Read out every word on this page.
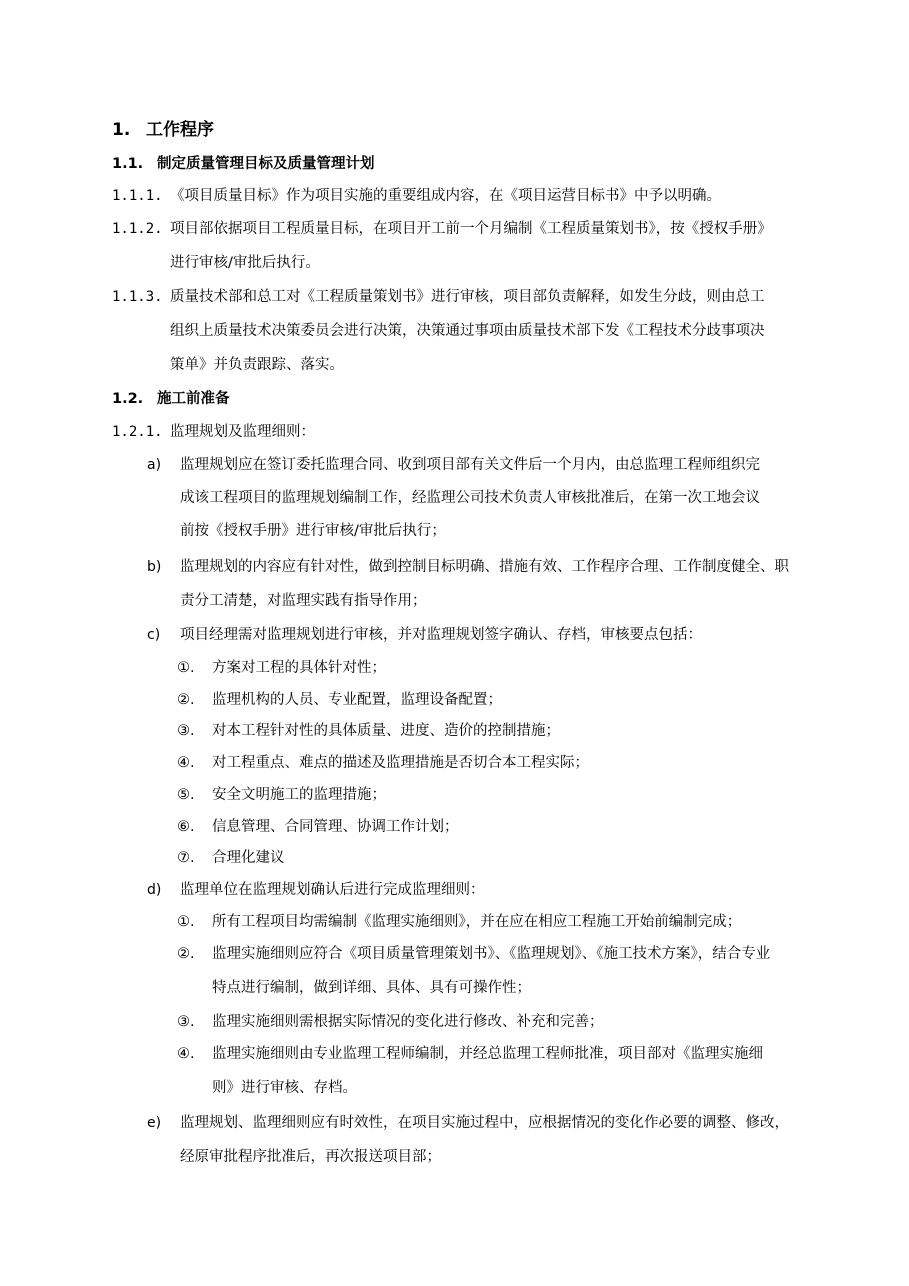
1. 工作程序
1.1. 制定质量管理目标及质量管理计划
1.1.1. 《项目质量目标》作为项目实施的重要组成内容，在《项目运营目标书》中予以明确。
1.1.2. 项目部依据项目工程质量目标，在项目开工前一个月编制《工程质量策划书》，按《授权手册》
进行审核/审批后执行。
1.1.3. 质量技术部和总工对《工程质量策划书》进行审核，项目部负责解释，如发生分歧，则由总工
组织上质量技术决策委员会进行决策，决策通过事项由质量技术部下发《工程技术分歧事项决
策单》并负责跟踪、落实。
1.2. 施工前准备
1.2.1. 监理规划及监理细则：
a) 监理规划应在签订委托监理合同、收到项目部有关文件后一个月内，由总监理工程师组织完
成该工程项目的监理规划编制工作，经监理公司技术负责人审核批准后，在第一次工地会议
前按《授权手册》进行审核/审批后执行；
b) 监理规划的内容应有针对性，做到控制目标明确、措施有效、工作程序合理、工作制度健全、职
责分工清楚，对监理实践有指导作用；
c) 项目经理需对监理规划进行审核，并对监理规划签字确认、存档，审核要点包括：
①. 方案对工程的具体针对性；
②. 监理机构的人员、专业配置，监理设备配置；
③. 对本工程针对性的具体质量、进度、造价的控制措施；
④. 对工程重点、难点的描述及监理措施是否切合本工程实际；
⑤. 安全文明施工的监理措施；
⑥. 信息管理、合同管理、协调工作计划；
⑦. 合理化建议
d) 监理单位在监理规划确认后进行完成监理细则：
①. 所有工程项目均需编制《监理实施细则》，并在应在相应工程施工开始前编制完成；
②. 监理实施细则应符合《项目质量管理策划书》、《监理规划》、《施工技术方案》，结合专业
特点进行编制，做到详细、具体、具有可操作性；
③. 监理实施细则需根据实际情况的变化进行修改、补充和完善；
④. 监理实施细则由专业监理工程师编制，并经总监理工程师批准，项目部对《监理实施细
则》进行审核、存档。
e) 监理规划、监理细则应有时效性，在项目实施过程中，应根据情况的变化作必要的调整、修改，
经原审批程序批准后，再次报送项目部；
